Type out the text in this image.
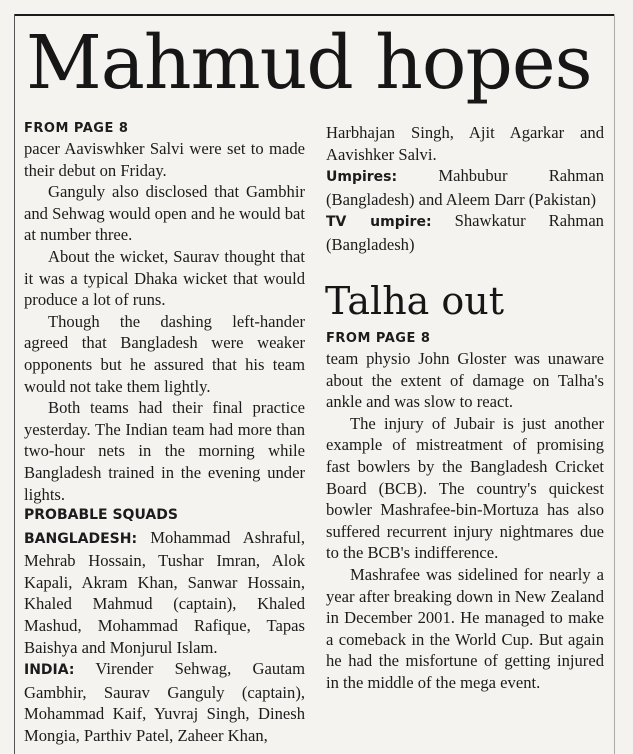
Mahmud hopes
FROM PAGE 8

pacer Aaviswhker Salvi were set to made their debut on Friday.

Ganguly also disclosed that Gambhir and Sehwag would open and he would bat at number three.

About the wicket, Saurav thought that it was a typical Dhaka wicket that would produce a lot of runs.

Though the dashing left-hander agreed that Bangladesh were weaker opponents but he assured that his team would not take them lightly.

Both teams had their final practice yesterday. The Indian team had more than two-hour nets in the morning while Bangladesh trained in the evening under lights.

PROBABLE SQUADS

BANGLADESH: Mohammad Ashraful, Mehrab Hossain, Tushar Imran, Alok Kapali, Akram Khan, Sanwar Hossain, Khaled Mahmud (captain), Khaled Mashud, Mohammad Rafique, Tapas Baishya and Monjurul Islam.

INDIA: Virender Sehwag, Gautam Gambhir, Saurav Ganguly (captain), Mohammad Kaif, Yuvraj Singh, Dinesh Mongia, Parthiv Patel, Zaheer Khan,

Harbhajan Singh, Ajit Agarkar and Aavishker Salvi.

Umpires: Mahbubur Rahman (Bangladesh) and Aleem Darr (Pakistan)

TV umpire: Shawkatur Rahman (Bangladesh)

Talha out
FROM PAGE 8

team physio John Gloster was unaware about the extent of damage on Talha's ankle and was slow to react.

The injury of Jubair is just another example of mistreatment of promising fast bowlers by the Bangladesh Cricket Board (BCB). The country's quickest bowler Mashrafee-bin-Mortuza has also suffered recurrent injury nightmares due to the BCB's indifference.

Mashrafee was sidelined for nearly a year after breaking down in New Zealand in December 2001. He managed to make a comeback in the World Cup. But again he had the misfortune of getting injured in the middle of the mega event.
